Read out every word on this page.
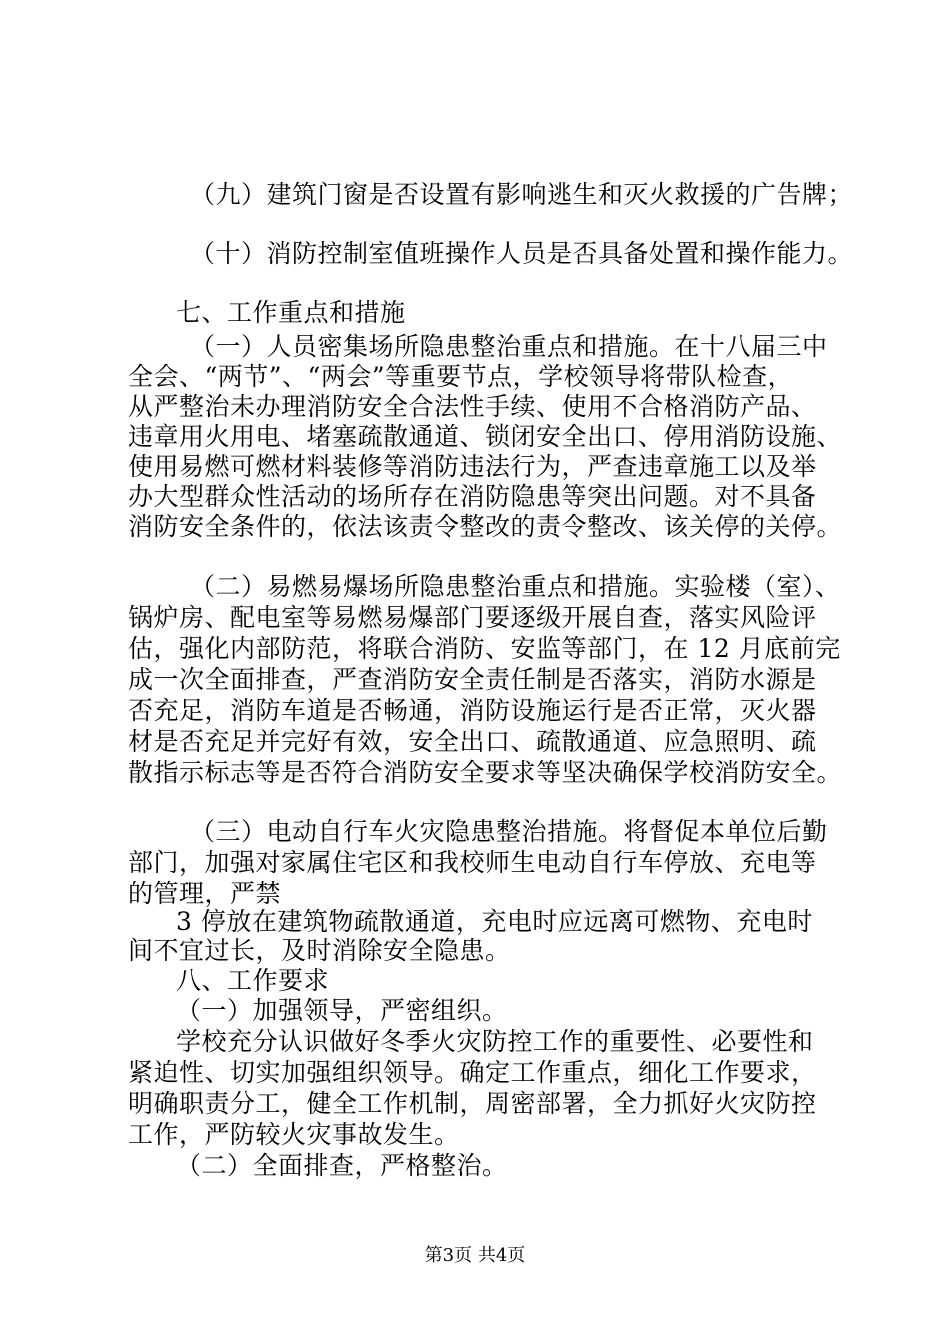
（九）建筑门窗是否设置有影响逃生和灭火救援的广告牌；
（十）消防控制室值班操作人员是否具备处置和操作能力。
七、工作重点和措施
（一）人员密集场所隐患整治重点和措施。在十八届三中
全会、“两节”、“两会”等重要节点，学校领导将带队检查，
从严整治未办理消防安全合法性手续、使用不合格消防产品、
违章用火用电、堵塞疏散通道、锁闭安全出口、停用消防设施、
使用易燃可燃材料装修等消防违法行为，严查违章施工以及举
办大型群众性活动的场所存在消防隐患等突出问题。对不具备
消防安全条件的，依法该责令整改的责令整改、该关停的关停。
（二）易燃易爆场所隐患整治重点和措施。实验楼（室）、
锅炉房、配电室等易燃易爆部门要逐级开展自查，落实风险评
估，强化内部防范，将联合消防、安监等部门，在 12 月底前完
成一次全面排查，严查消防安全责任制是否落实，消防水源是
否充足，消防车道是否畅通，消防设施运行是否正常，灭火器
材是否充足并完好有效，安全出口、疏散通道、应急照明、疏
散指示标志等是否符合消防安全要求等坚决确保学校消防安全。
（三）电动自行车火灾隐患整治措施。将督促本单位后勤
部门，加强对家属住宅区和我校师生电动自行车停放、充电等
的管理，严禁
3 停放在建筑物疏散通道，充电时应远离可燃物、充电时
间不宜过长，及时消除安全隐患。
八、工作要求
（一）加强领导，严密组织。
学校充分认识做好冬季火灾防控工作的重要性、必要性和
紧迫性、切实加强组织领导。确定工作重点，细化工作要求，
明确职责分工，健全工作机制，周密部署，全力抓好火灾防控
工作，严防较火灾事故发生。
（二）全面排查，严格整治。
第3页 共4页
